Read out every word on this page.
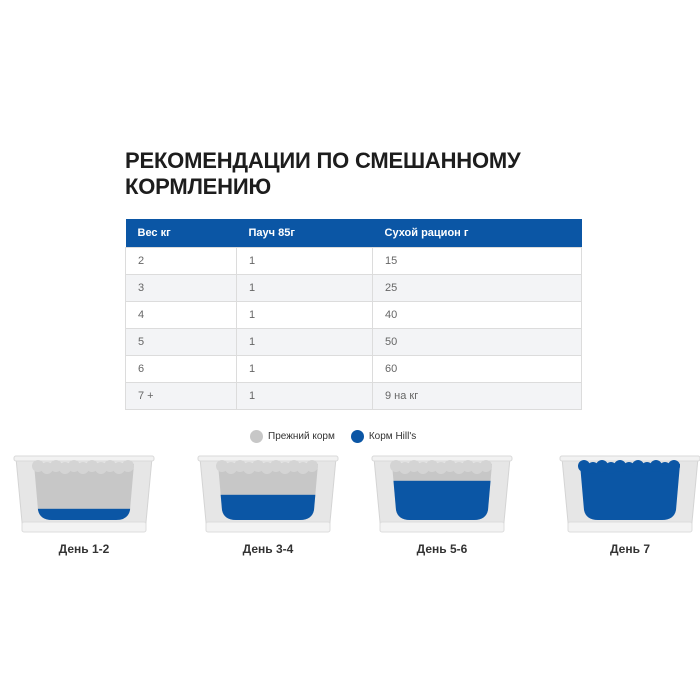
РЕКОМЕНДАЦИИ ПО СМЕШАННОМУ КОРМЛЕНИЮ
Вес кг	Пауч 85г	Сухой рацион г
2	1	15
3	1	25
4	1	40
5	1	50
6	1	60
7 +	1	9 на кг
Прежний корм	Корм Hill's
День 1-2	День 3-4	День 5-6	День 7
